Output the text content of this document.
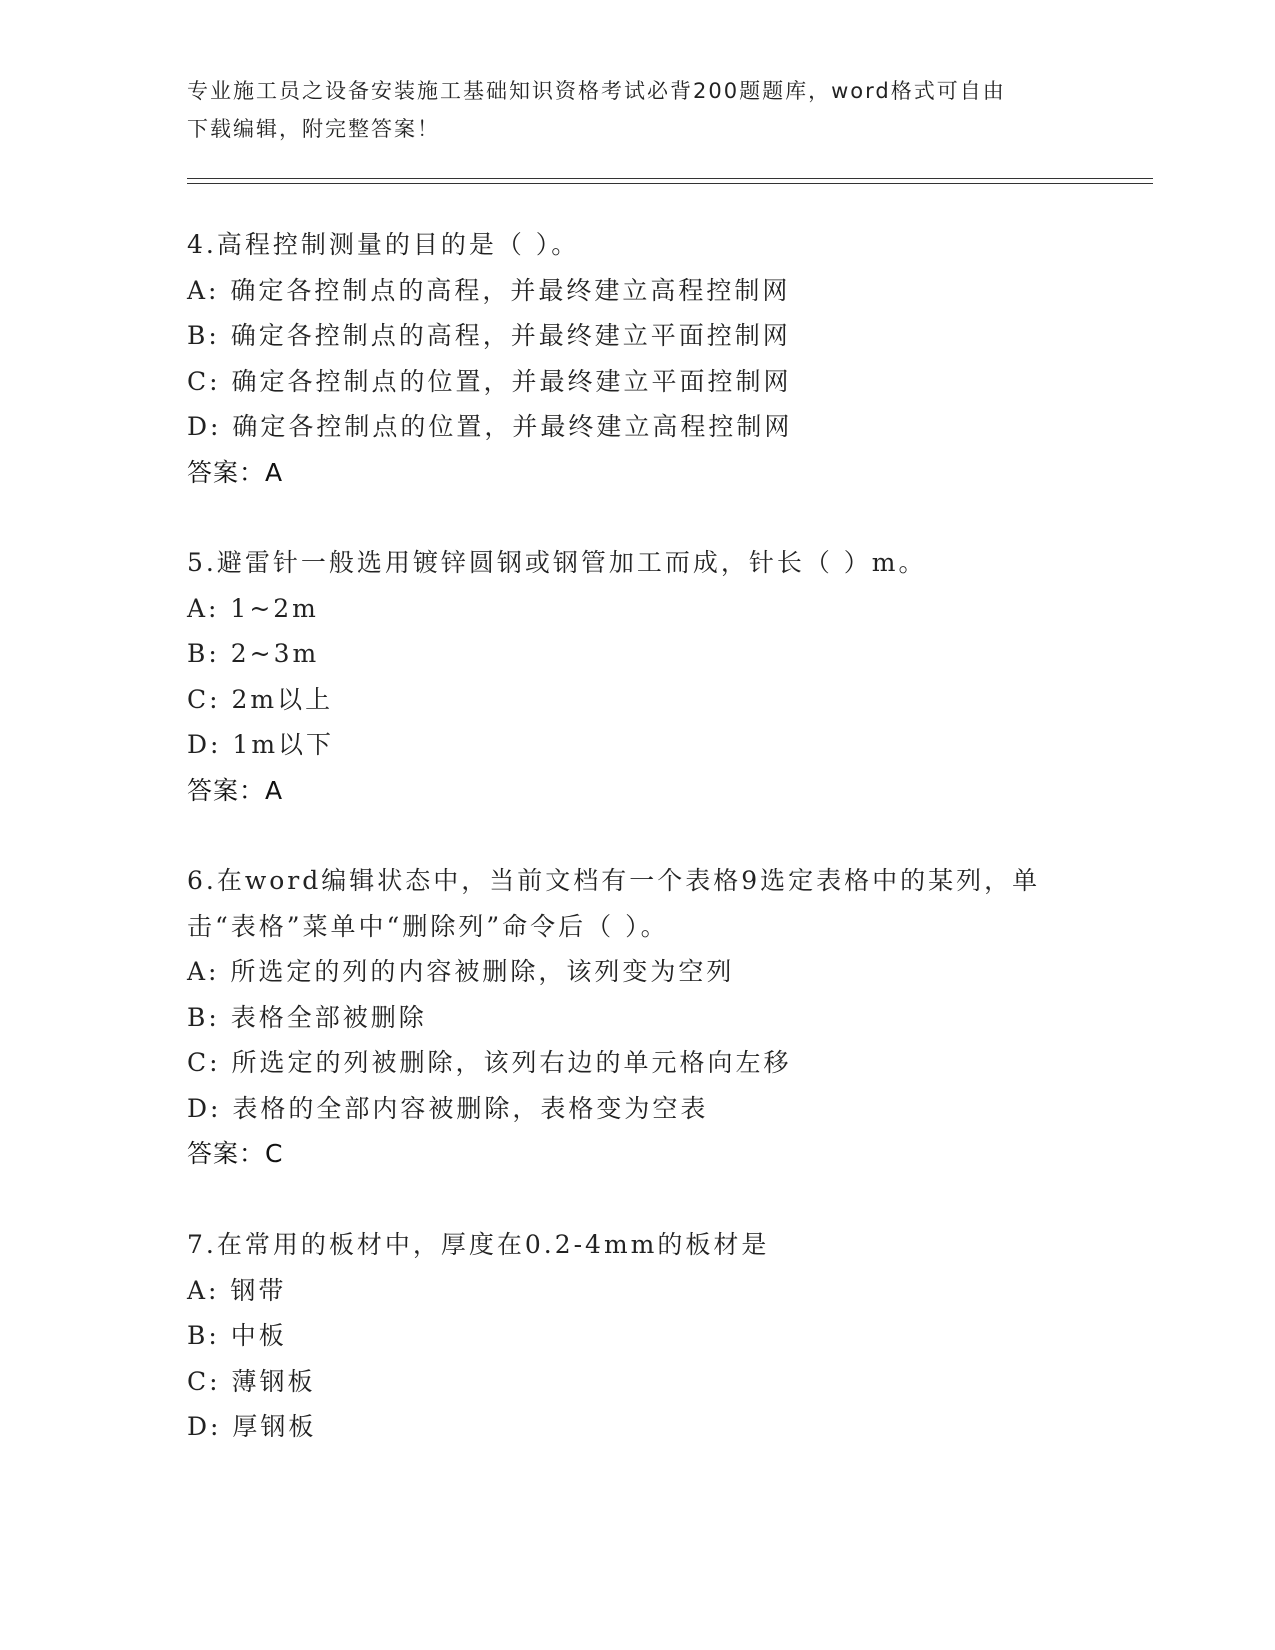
专业施工员之设备安装施工基础知识资格考试必背200题题库，word格式可自由
下载编辑，附完整答案！
4.高程控制测量的目的是（ ）。
A: 确定各控制点的高程，并最终建立高程控制网
B: 确定各控制点的高程，并最终建立平面控制网
C: 确定各控制点的位置，并最终建立平面控制网
D: 确定各控制点的位置，并最终建立高程控制网
答案：A
5.避雷针一般选用镀锌圆钢或钢管加工而成，针长（ ）m。
A: 1~2m
B: 2~3m
C: 2m以上
D: 1m以下
答案：A
6.在word编辑状态中，当前文档有一个表格9选定表格中的某列，单
击“表格”菜单中“删除列”命令后（ ）。
A: 所选定的列的内容被删除，该列变为空列
B: 表格全部被删除
C: 所选定的列被删除，该列右边的单元格向左移
D: 表格的全部内容被删除，表格变为空表
答案：C
7.在常用的板材中，厚度在0.2-4mm的板材是
A: 钢带
B: 中板
C: 薄钢板
D: 厚钢板
